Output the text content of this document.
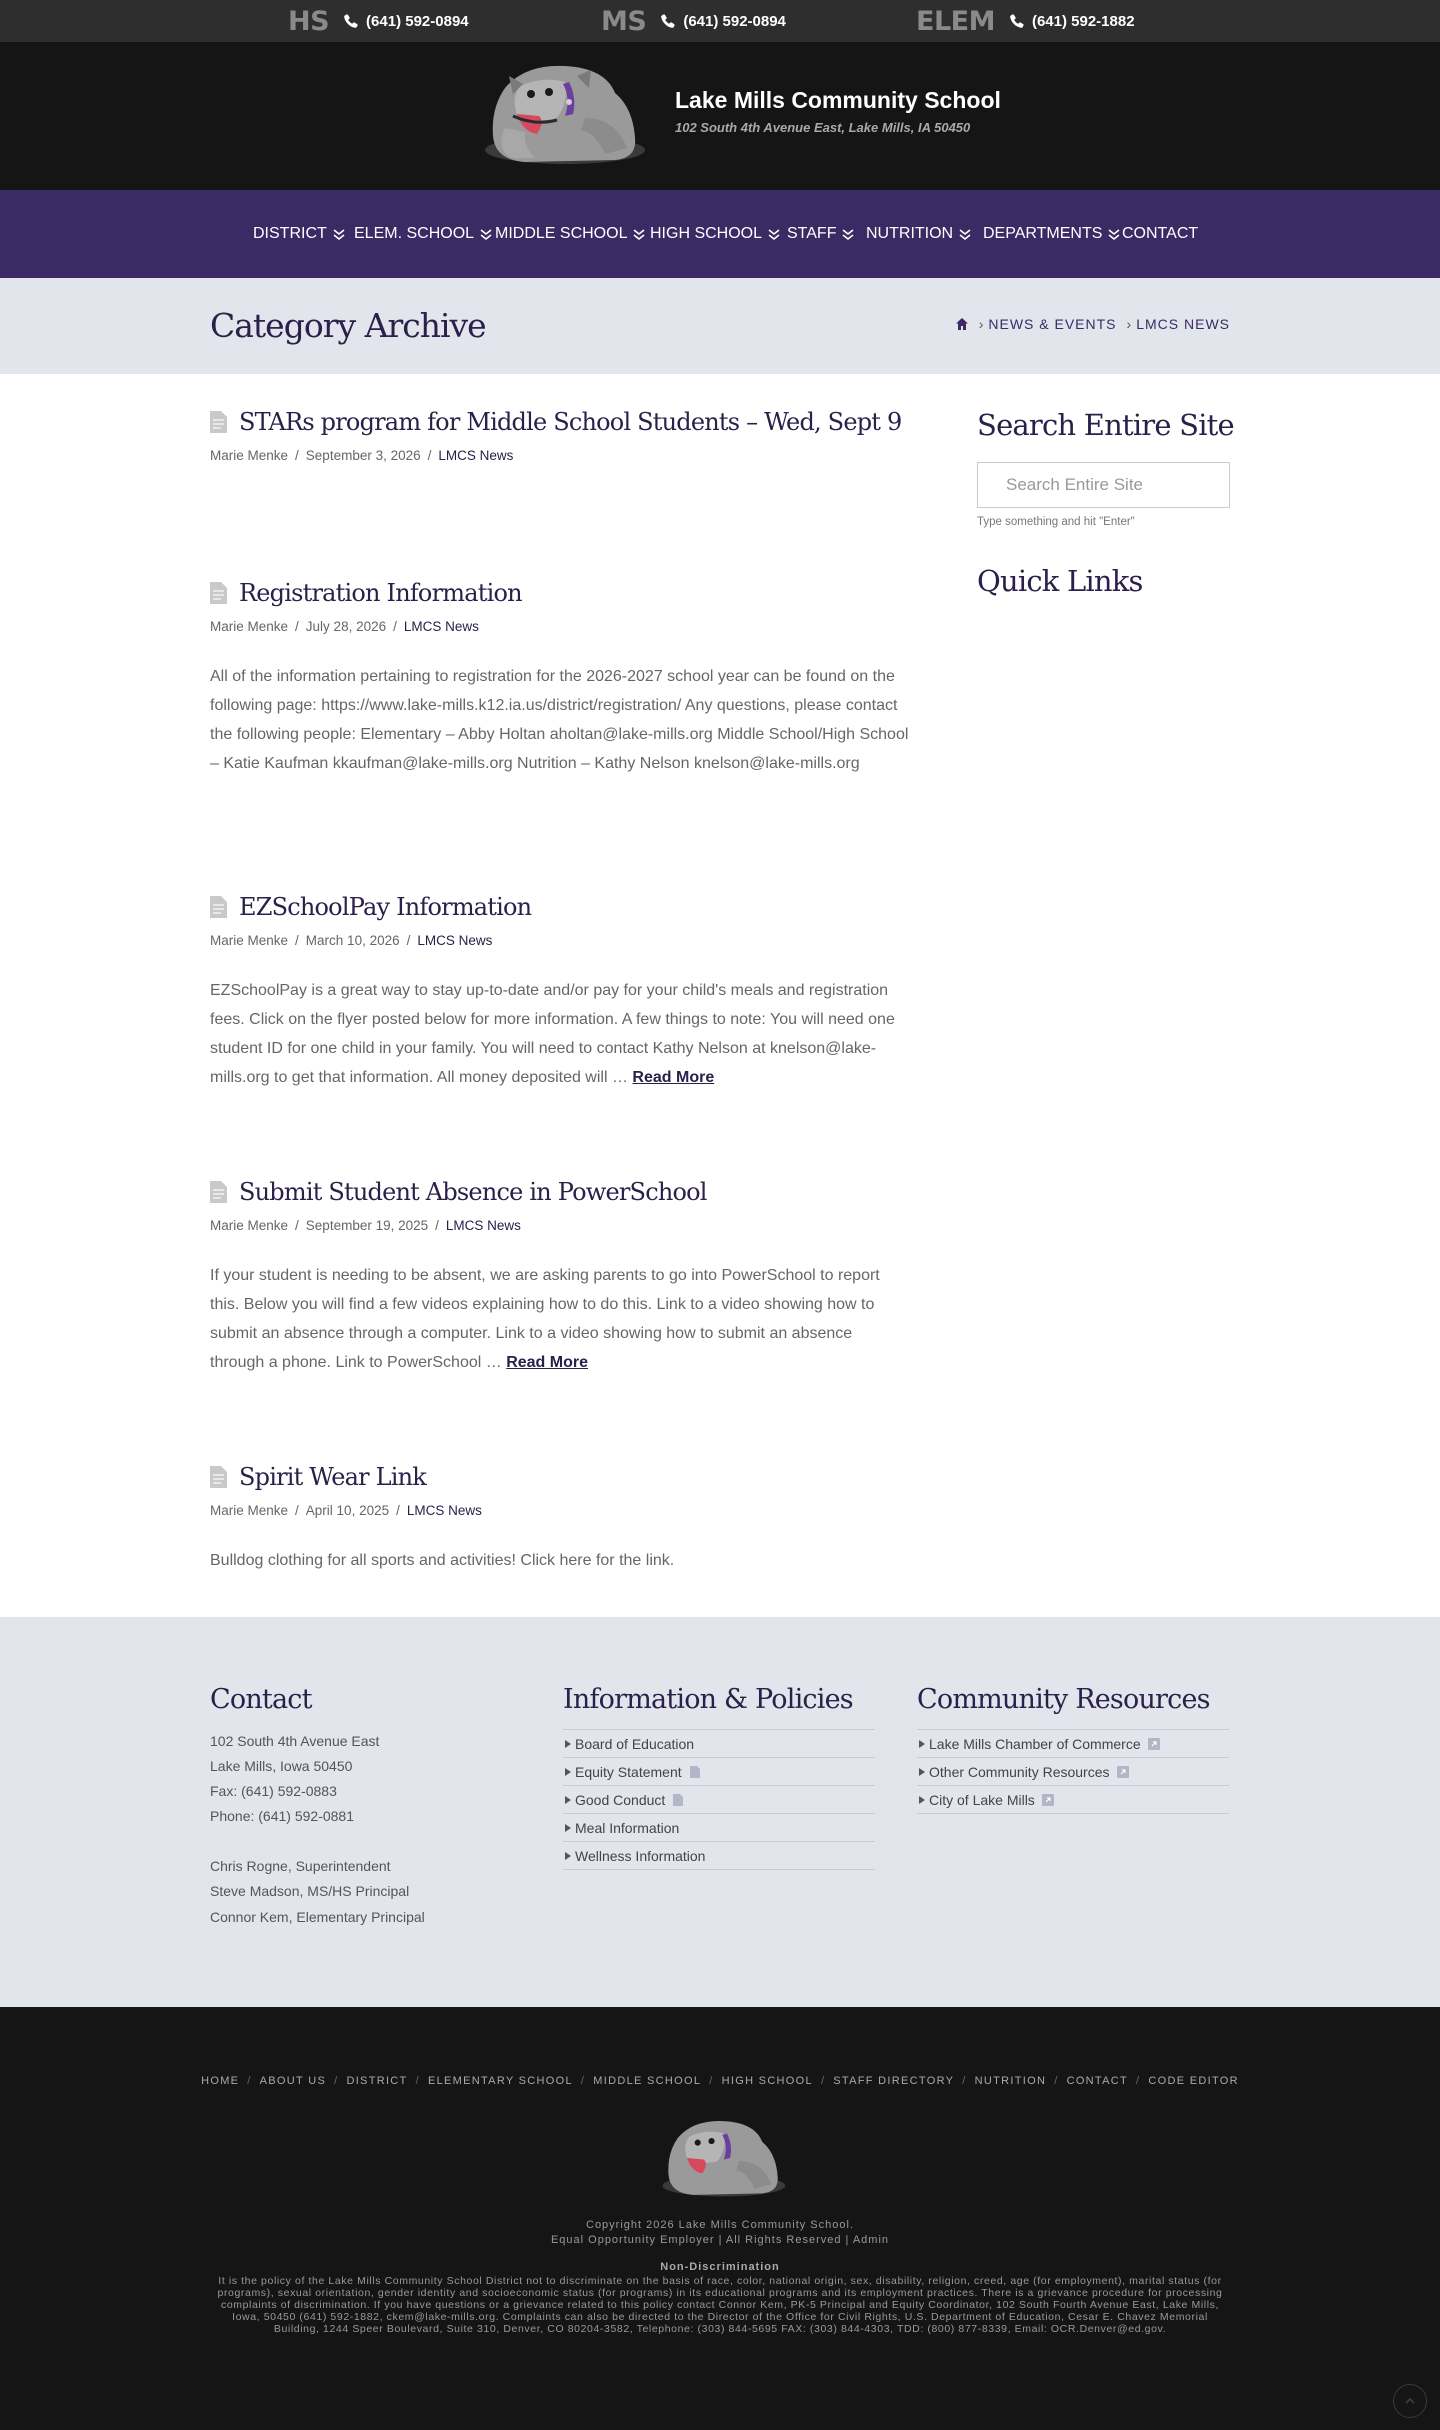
HS (641) 592-0894	MS (641) 592-0894	ELEM (641) 592-1882
Lake Mills Community School
102 South 4th Avenue East, Lake Mills, IA 50450
DISTRICT ELEM. SCHOOL MIDDLE SCHOOL HIGH SCHOOL STAFF NUTRITION DEPARTMENTS CONTACT
Category Archive	› NEWS & EVENTS › LMCS NEWS
STARs program for Middle School Students – Wed, Sept 9
Marie Menke / September 3, 2026 / LMCS News
Registration Information
Marie Menke / July 28, 2026 / LMCS News

All of the information pertaining to registration for the 2026-2027 school year can be found on the following page: https://www.lake-mills.k12.ia.us/district/registration/ Any questions, please contact the following people: Elementary – Abby Holtan aholtan@lake-mills.org Middle School/High School – Katie Kaufman kkaufman@lake-mills.org Nutrition – Kathy Nelson knelson@lake-mills.org

EZSchoolPay Information
Marie Menke / March 10, 2026 / LMCS News

EZSchoolPay is a great way to stay up-to-date and/or pay for your child's meals and registration fees. Click on the flyer posted below for more information. A few things to note: You will need one student ID for one child in your family. You will need to contact Kathy Nelson at knelson@lake-mills.org to get that information. All money deposited will … Read More

Submit Student Absence in PowerSchool
Marie Menke / September 19, 2025 / LMCS News

If your student is needing to be absent, we are asking parents to go into PowerSchool to report this. Below you will find a few videos explaining how to do this. Link to a video showing how to submit an absence through a computer. Link to a video showing how to submit an absence through a phone. Link to PowerSchool … Read More

Spirit Wear Link
Marie Menke / April 10, 2025 / LMCS News

Bulldog clothing for all sports and activities! Click here for the link.

Search Entire Site
Search Entire Site
Type something and hit "Enter"
Quick Links
Contact
102 South 4th Avenue East
Lake Mills, Iowa 50450
Fax: (641) 592-0883
Phone: (641) 592-0881
Chris Rogne, Superintendent
Steve Madson, MS/HS Principal
Connor Kem, Elementary Principal
Information & Policies
Board of Education
Equity Statement
Good Conduct
Meal Information
Wellness Information
Community Resources
Lake Mills Chamber of Commerce
Other Community Resources
City of Lake Mills
HOME / ABOUT US / DISTRICT / ELEMENTARY SCHOOL / MIDDLE SCHOOL / HIGH SCHOOL / STAFF DIRECTORY / NUTRITION / CONTACT / CODE EDITOR
Copyright 2026 Lake Mills Community School.
Equal Opportunity Employer | All Rights Reserved | Admin
Non-Discrimination
It is the policy of the Lake Mills Community School District not to discriminate on the basis of race, color, national origin, sex, disability, religion, creed, age (for employment), marital status (for programs), sexual orientation, gender identity and socioeconomic status (for programs) in its educational programs and its employment practices. There is a grievance procedure for processing complaints of discrimination. If you have questions or a grievance related to this policy contact Connor Kem, PK-5 Principal and Equity Coordinator, 102 South Fourth Avenue East, Lake Mills, Iowa, 50450 (641) 592-1882, ckem@lake-mills.org. Complaints can also be directed to the Director of the Office for Civil Rights, U.S. Department of Education, Cesar E. Chavez Memorial Building, 1244 Speer Boulevard, Suite 310, Denver, CO 80204-3582, Telephone: (303) 844-5695 FAX: (303) 844-4303, TDD: (800) 877-8339, Email: OCR.Denver@ed.gov.
